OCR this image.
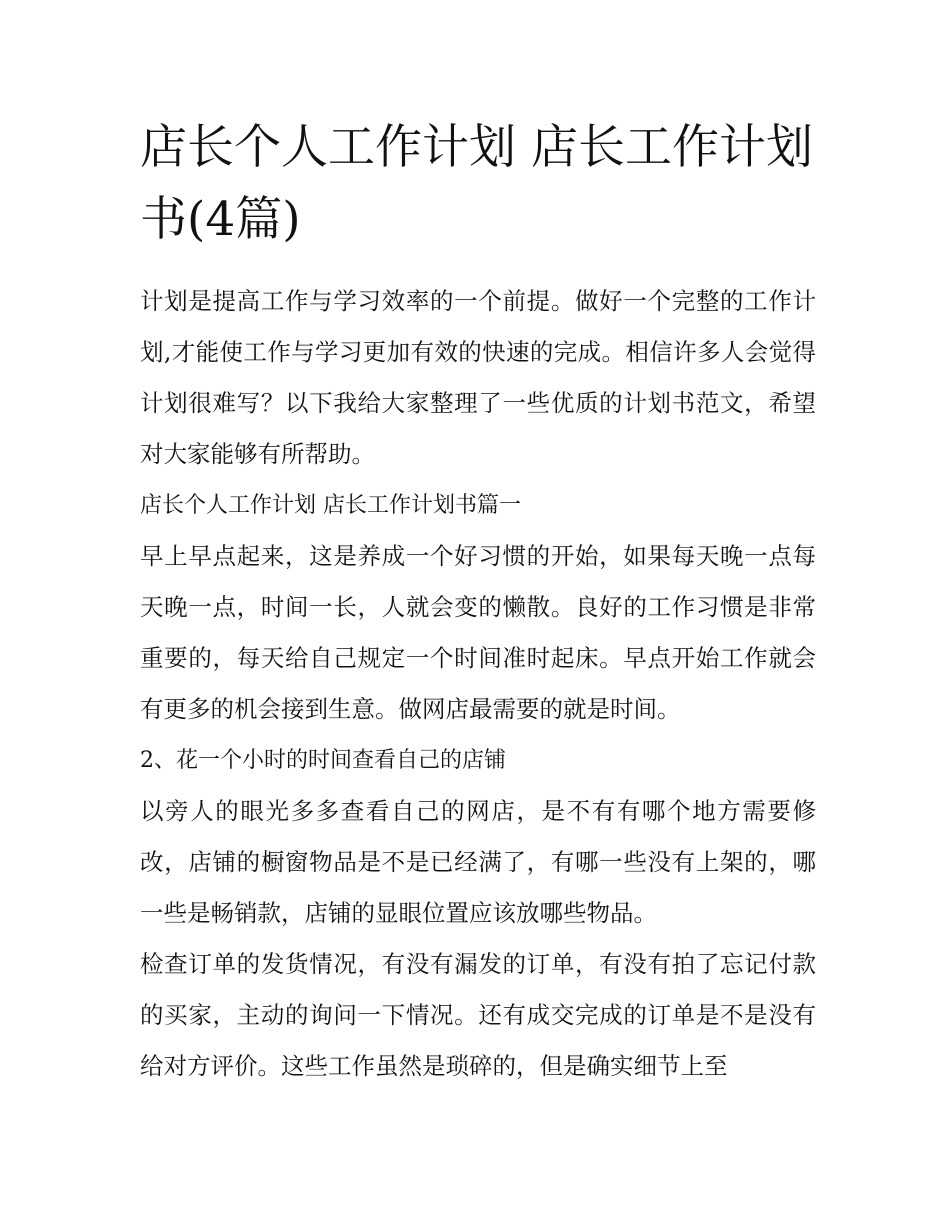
店长个人工作计划 店长工作计划书(4篇)

计划是提高工作与学习效率的一个前提。做好一个完整的工作计划,才能使工作与学习更加有效的快速的完成。相信许多人会觉得计划很难写？以下我给大家整理了一些优质的计划书范文，希望对大家能够有所帮助。

店长个人工作计划 店长工作计划书篇一

早上早点起来，这是养成一个好习惯的开始，如果每天晚一点每天晚一点，时间一长，人就会变的懒散。良好的工作习惯是非常重要的，每天给自己规定一个时间准时起床。早点开始工作就会有更多的机会接到生意。做网店最需要的就是时间。

2、花一个小时的时间查看自己的店铺

以旁人的眼光多多查看自己的网店，是不有有哪个地方需要修改，店铺的橱窗物品是不是已经满了，有哪一些没有上架的，哪一些是畅销款，店铺的显眼位置应该放哪些物品。

检查订单的发货情况，有没有漏发的订单，有没有拍了忘记付款的买家，主动的询问一下情况。还有成交完成的订单是不是没有给对方评价。这些工作虽然是琐碎的，但是确实细节上至
